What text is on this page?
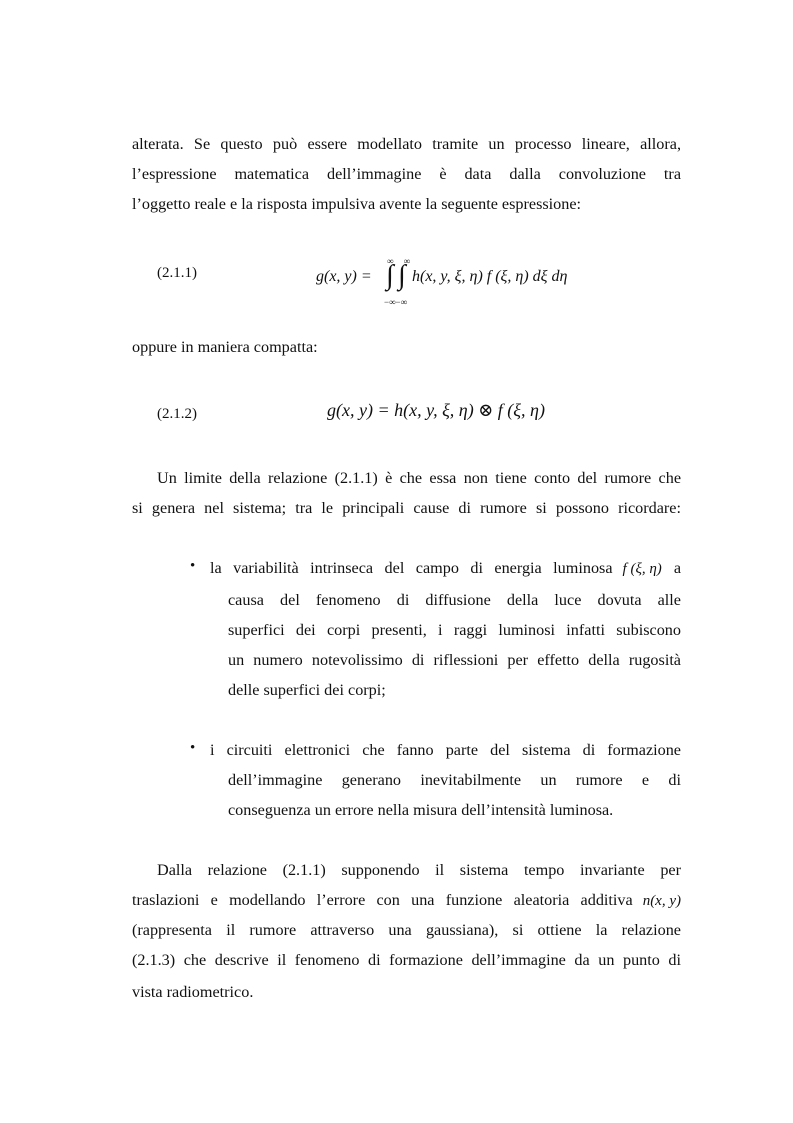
alterata. Se questo può essere modellato tramite un processo lineare, allora,
l’espressione matematica dell’immagine è data dalla convoluzione tra
l’oggetto reale e la risposta impulsiva avente la seguente espressione:
(2.1.1)	g(x, y) =
∞ ∞
∫ ∫
−∞−∞
h(x, y, ξ, η) f (ξ, η) dξ dη
oppure in maniera compatta:
(2.1.2)	g(x, y) = h(x, y, ξ, η) ⊗ f (ξ, η)
Un limite della relazione (2.1.1) è che essa non tiene conto del rumore che
si genera nel sistema; tra le principali cause di rumore si possono ricordare:
• la variabilità intrinseca del campo di energia luminosa f (ξ, η) a
causa del fenomeno di diffusione della luce dovuta alle
superfici dei corpi presenti, i raggi luminosi infatti subiscono
un numero notevolissimo di riflessioni per effetto della rugosità
delle superfici dei corpi;
• i circuiti elettronici che fanno parte del sistema di formazione
dell’immagine generano inevitabilmente un rumore e di
conseguenza un errore nella misura dell’intensità luminosa.
Dalla relazione (2.1.1) supponendo il sistema tempo invariante per
traslazioni e modellando l’errore con una funzione aleatoria additiva n(x, y)
(rappresenta il rumore attraverso una gaussiana), si ottiene la relazione
(2.1.3) che descrive il fenomeno di formazione dell’immagine da un punto di
vista radiometrico.
